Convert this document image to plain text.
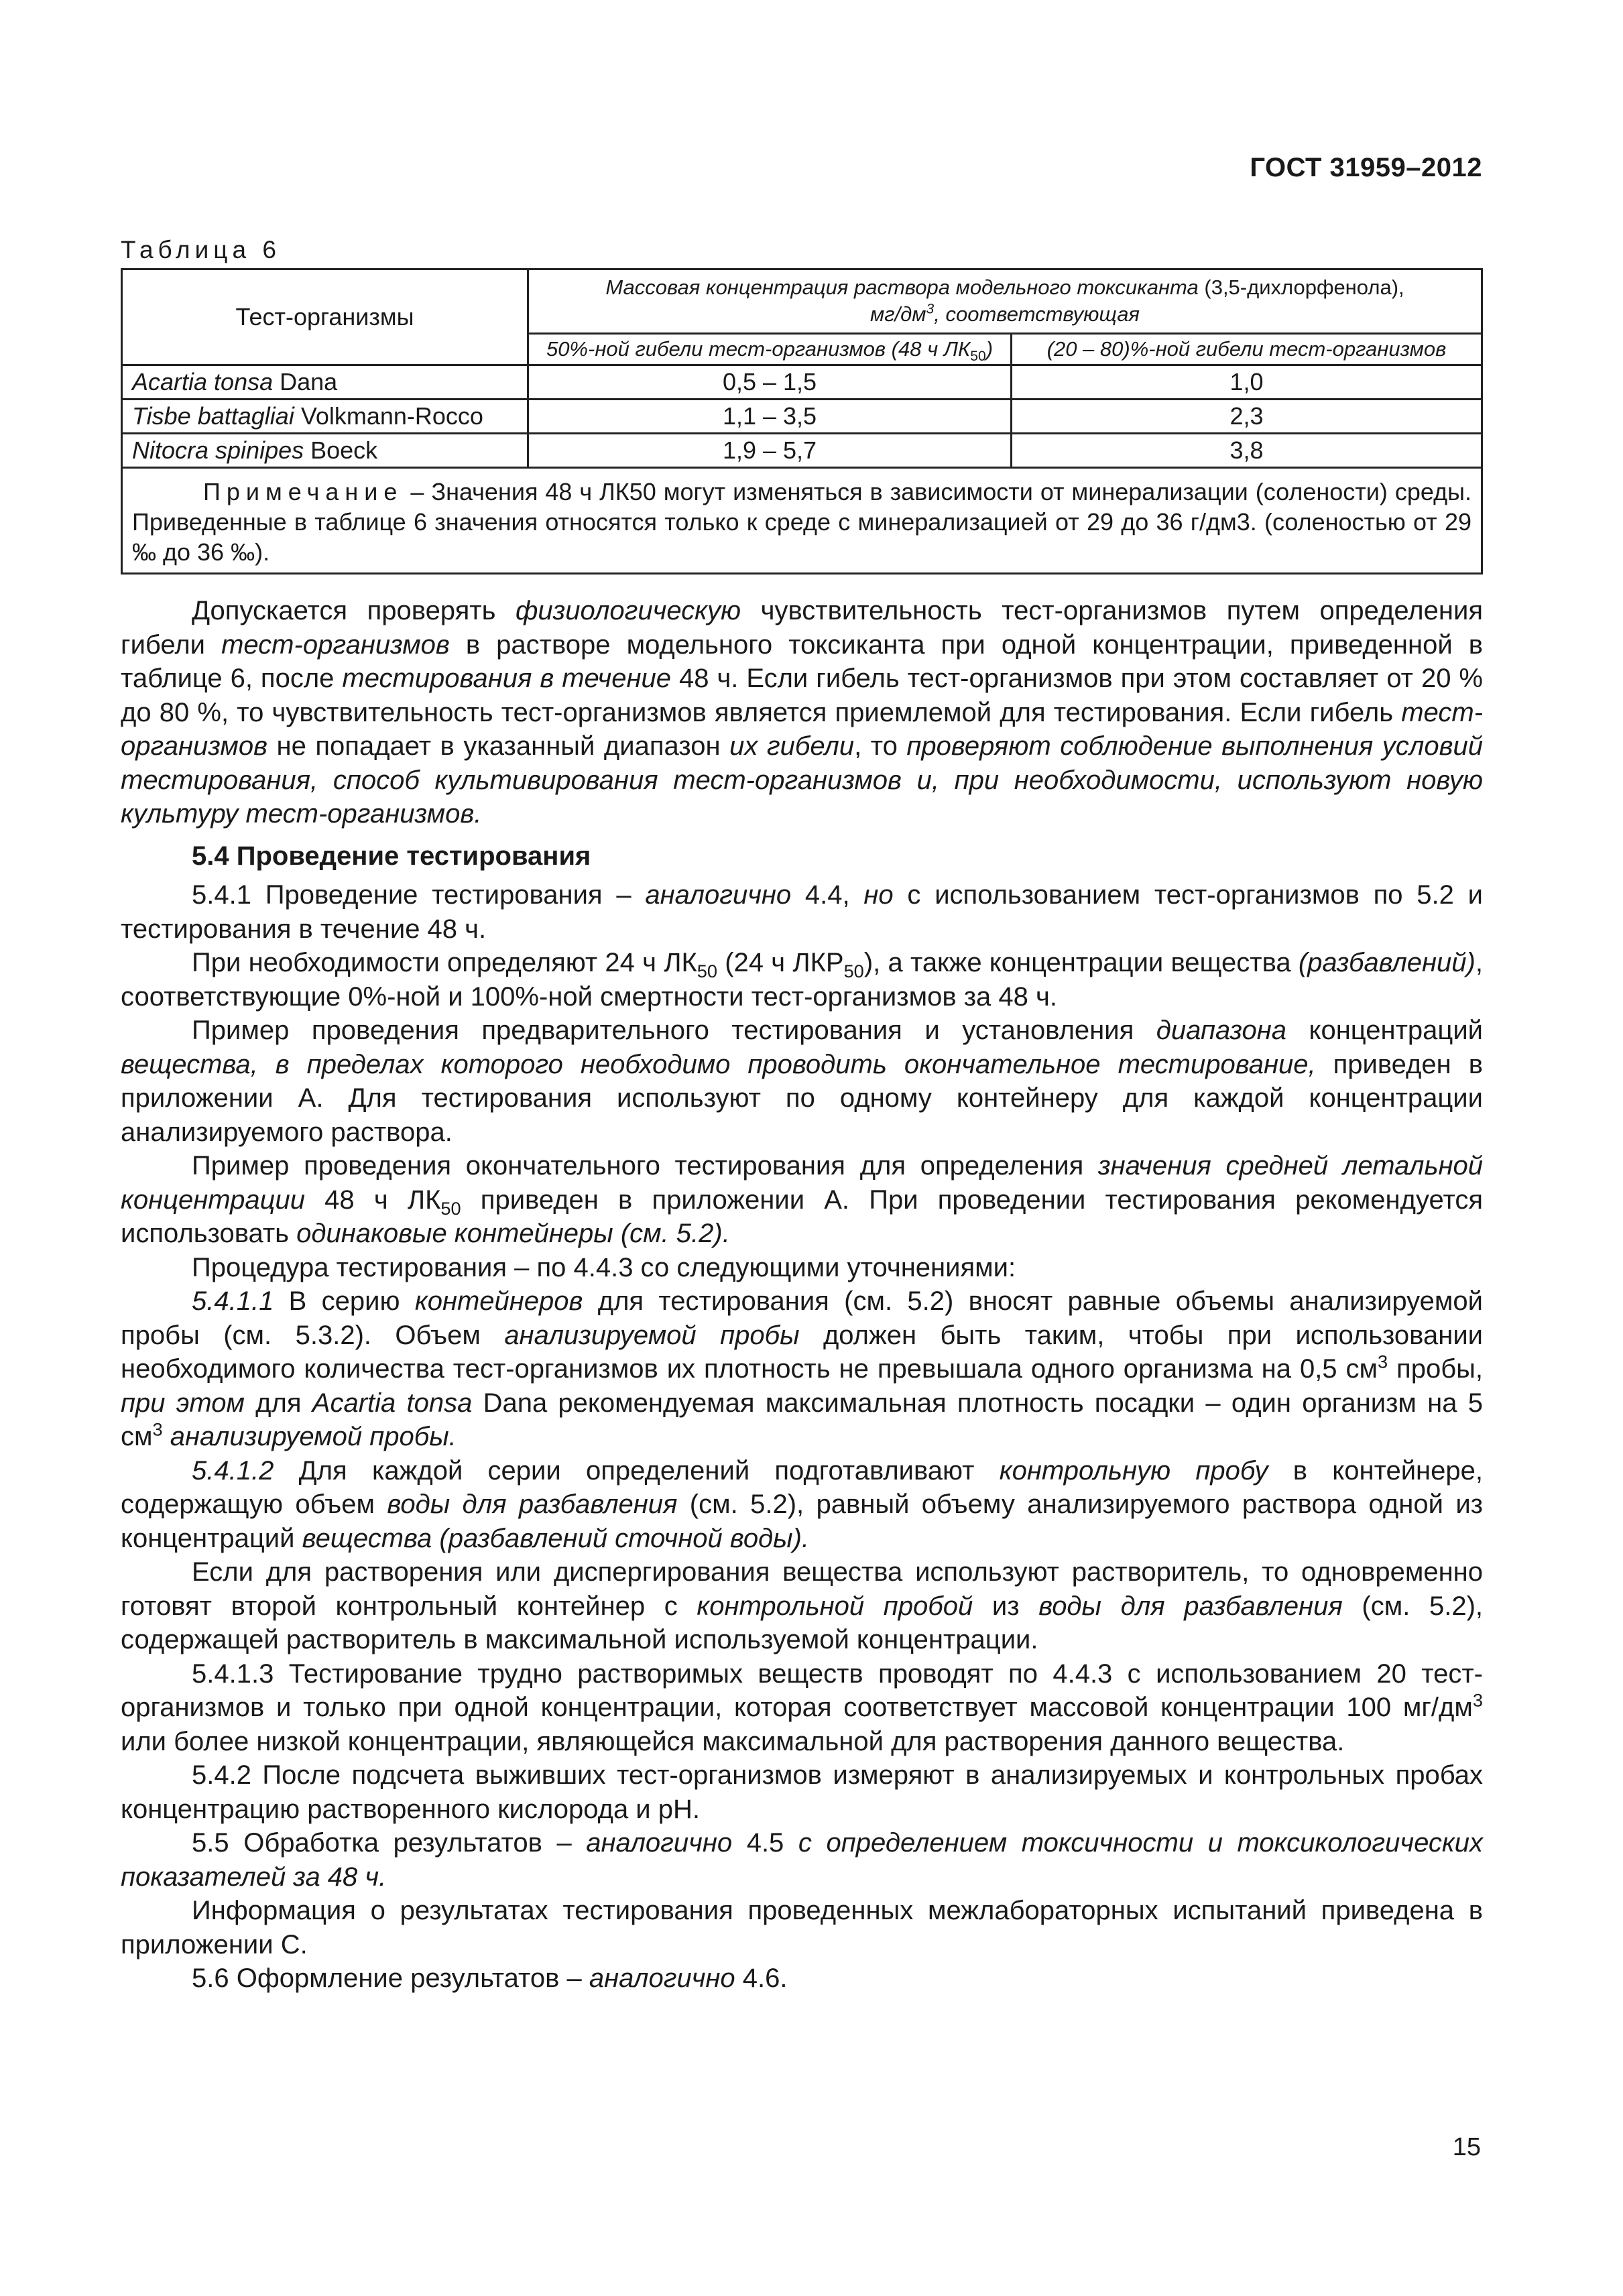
ГОСТ 31959–2012
Таблица 6
Тест-организмы	Массовая концентрация раствора модельного токсиканта (3,5-дихлорфенола),
$мг/дм^3$, соответствующая	
	50%-ной гибели тест-организмов (48 ч $ЛК_{50}$)	(20 – 80)%-ной гибели тест-организмов
Acartia tonsa Dana	0,5 – 1,5	1,0
Tisbe battagliai Volkmann-Rocco	1,1 – 3,5	2,3
Nitocra spinipes Boeck	1,9 – 5,7	3,8
Примечание – Значения 48 ч ЛК50 могут изменяться в зависимости от минерализации (солености) среды. Приведенные в таблице 6 значения относятся только к среде с минерализацией от 29 до 36 г/дм3. (соленостью от 29 ‰ до 36 ‰).		

Допускается проверять физиологическую чувствительность тест-организмов путем определения гибели тест-организмов в растворе модельного токсиканта при одной концентрации, приведенной в таблице 6, после тестирования в течение 48 ч. Если гибель тест-организмов при этом составляет от 20 % до 80 %, то чувствительность тест-организмов является приемлемой для тестирования. Если гибель тест-организмов не попадает в указанный диапазон их гибели, то проверяют соблюдение выполнения условий тестирования, способ культивирования тест-организмов и, при необходимости, используют новую культуру тест-организмов.

5.4 Проведение тестирования

5.4.1 Проведение тестирования – аналогично 4.4, но с использованием тест-организмов по 5.2 и тестирования в течение 48 ч.

При необходимости определяют 24 ч $ЛК_{50}$ (24 ч $ЛКР_{50}$), а также концентрации вещества (разбавлений), соответствующие 0%-ной и 100%-ной смертности тест-организмов за 48 ч.

Пример проведения предварительного тестирования и установления диапазона концентраций вещества, в пределах которого необходимо проводить окончательное тестирование, приведен в приложении А. Для тестирования используют по одному контейнеру для каждой концентрации анализируемого раствора.

Пример проведения окончательного тестирования для определения значения средней летальной концентрации 48 ч $ЛК_{50}$ приведен в приложении А. При проведении тестирования рекомендуется использовать одинаковые контейнеры (см. 5.2).

Процедура тестирования – по 4.4.3 со следующими уточнениями:

5.4.1.1 В серию контейнеров для тестирования (см. 5.2) вносят равные объемы анализируемой пробы (см. 5.3.2). Объем анализируемой пробы должен быть таким, чтобы при использовании необходимого количества тест-организмов их плотность не превышала одного организма на 0,5 $см^3$ пробы, при этом для Acartia tonsa Dana рекомендуемая максимальная плотность посадки – один организм на 5 $см^3$ анализируемой пробы.

5.4.1.2 Для каждой серии определений подготавливают контрольную пробу в контейнере, содержащую объем воды для разбавления (см. 5.2), равный объему анализируемого раствора одной из концентраций вещества (разбавлений сточной воды).

Если для растворения или диспергирования вещества используют растворитель, то одновременно готовят второй контрольный контейнер с контрольной пробой из воды для разбавления (см. 5.2), содержащей растворитель в максимальной используемой концентрации.

5.4.1.3 Тестирование трудно растворимых веществ проводят по 4.4.3 с использованием 20 тест-организмов и только при одной концентрации, которая соответствует массовой концентрации 100 $мг/дм^3$ или более низкой концентрации, являющейся максимальной для растворения данного вещества.

5.4.2 После подсчета выживших тест-организмов измеряют в анализируемых и контрольных пробах концентрацию растворенного кислорода и рН.

5.5 Обработка результатов – аналогично 4.5 с определением токсичности и токсикологических показателей за 48 ч.

Информация о результатах тестирования проведенных межлабораторных испытаний приведена в приложении С.

5.6 Оформление результатов – аналогично 4.6.

15
